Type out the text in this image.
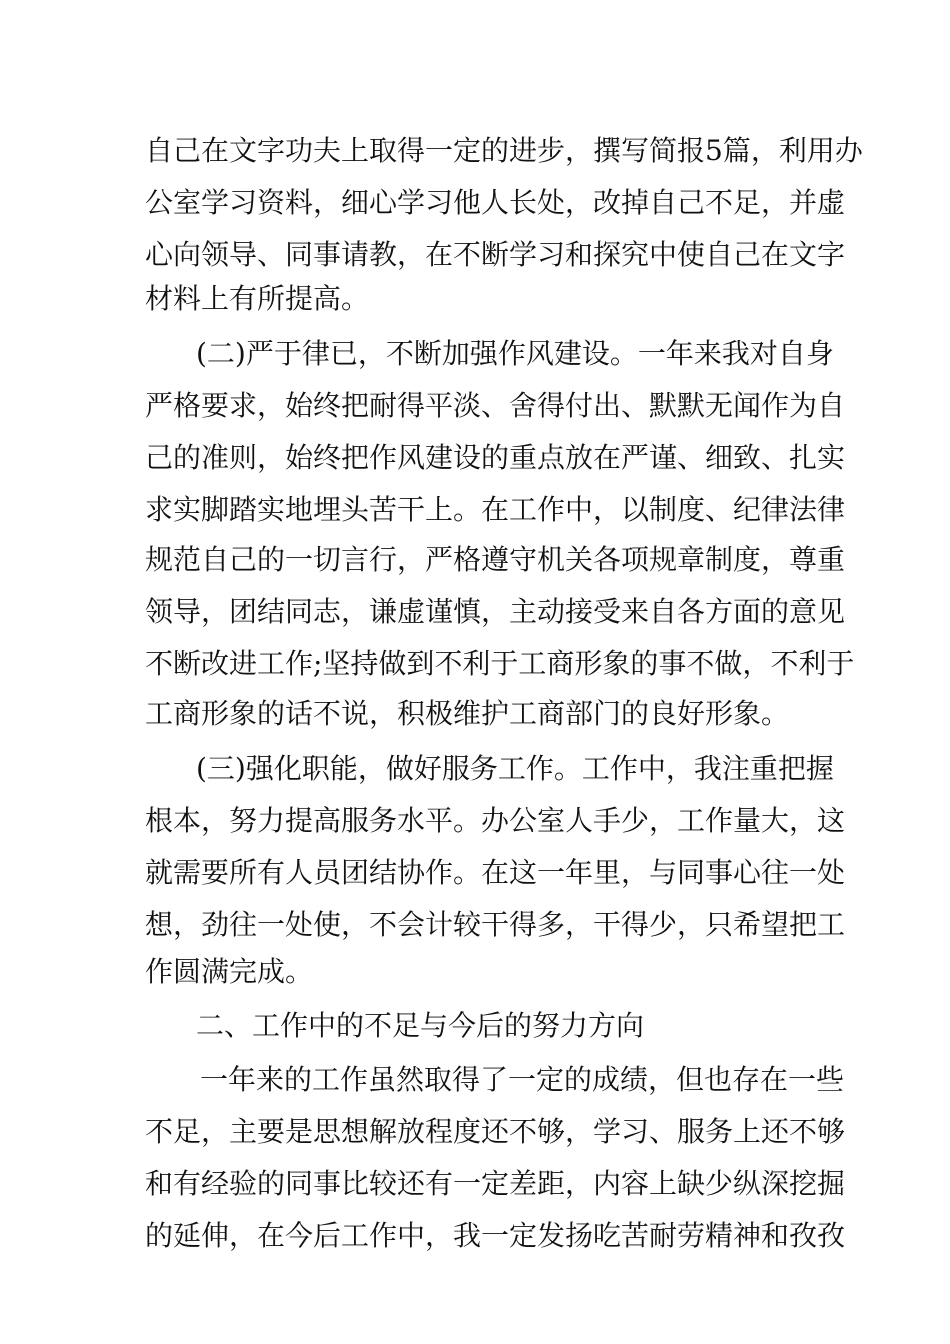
自己在文字功夫上取得一定的进步，撰写简报5篇，利用办

公室学习资料，细心学习他人长处，改掉自己不足，并虚

心向领导、同事请教，在不断学习和探究中使自己在文字

材料上有所提高。

(二)严于律已，不断加强作风建设。一年来我对自身

严格要求，始终把耐得平淡、舍得付出、默默无闻作为自

己的准则，始终把作风建设的重点放在严谨、细致、扎实

求实脚踏实地埋头苦干上。在工作中，以制度、纪律法律

规范自己的一切言行，严格遵守机关各项规章制度，尊重

领导，团结同志，谦虚谨慎，主动接受来自各方面的意见

不断改进工作;坚持做到不利于工商形象的事不做，不利于

工商形象的话不说，积极维护工商部门的良好形象。

(三)强化职能，做好服务工作。工作中，我注重把握

根本，努力提高服务水平。办公室人手少，工作量大，这

就需要所有人员团结协作。在这一年里，与同事心往一处

想，劲往一处使，不会计较干得多，干得少，只希望把工

作圆满完成。

二、工作中的不足与今后的努力方向

一年来的工作虽然取得了一定的成绩，但也存在一些

不足，主要是思想解放程度还不够，学习、服务上还不够

和有经验的同事比较还有一定差距，内容上缺少纵深挖掘

的延伸，在今后工作中，我一定发扬吃苦耐劳精神和孜孜
